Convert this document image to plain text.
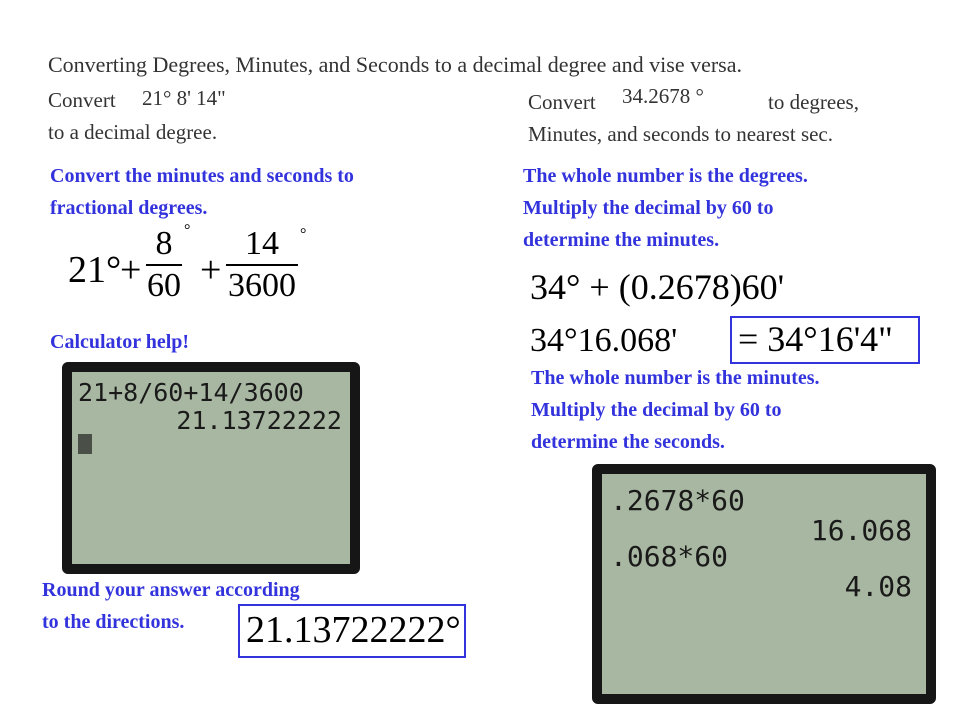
Converting Degrees, Minutes, and Seconds to a decimal degree and vise versa.
Convert 21° 8' 14"
to a decimal degree.
Convert 34.2678 °	to degrees,
Minutes, and seconds to nearest sec.
Convert the minutes and seconds to
fractional degrees.
21°
+
8
60
°
+
14
3600
°
Calculator help!
21+8/60+14/3600
21.13722222
Round your answer according
to the directions. 21.13722222°
The whole number is the degrees.
Multiply the decimal by 60 to
determine the minutes.
34° + (0.2678)60'
34°16.068' = 34°16'4"
The whole number is the minutes.
Multiply the decimal by 60 to
determine the seconds.
.2678*60
16.068
.068*60
4.08
